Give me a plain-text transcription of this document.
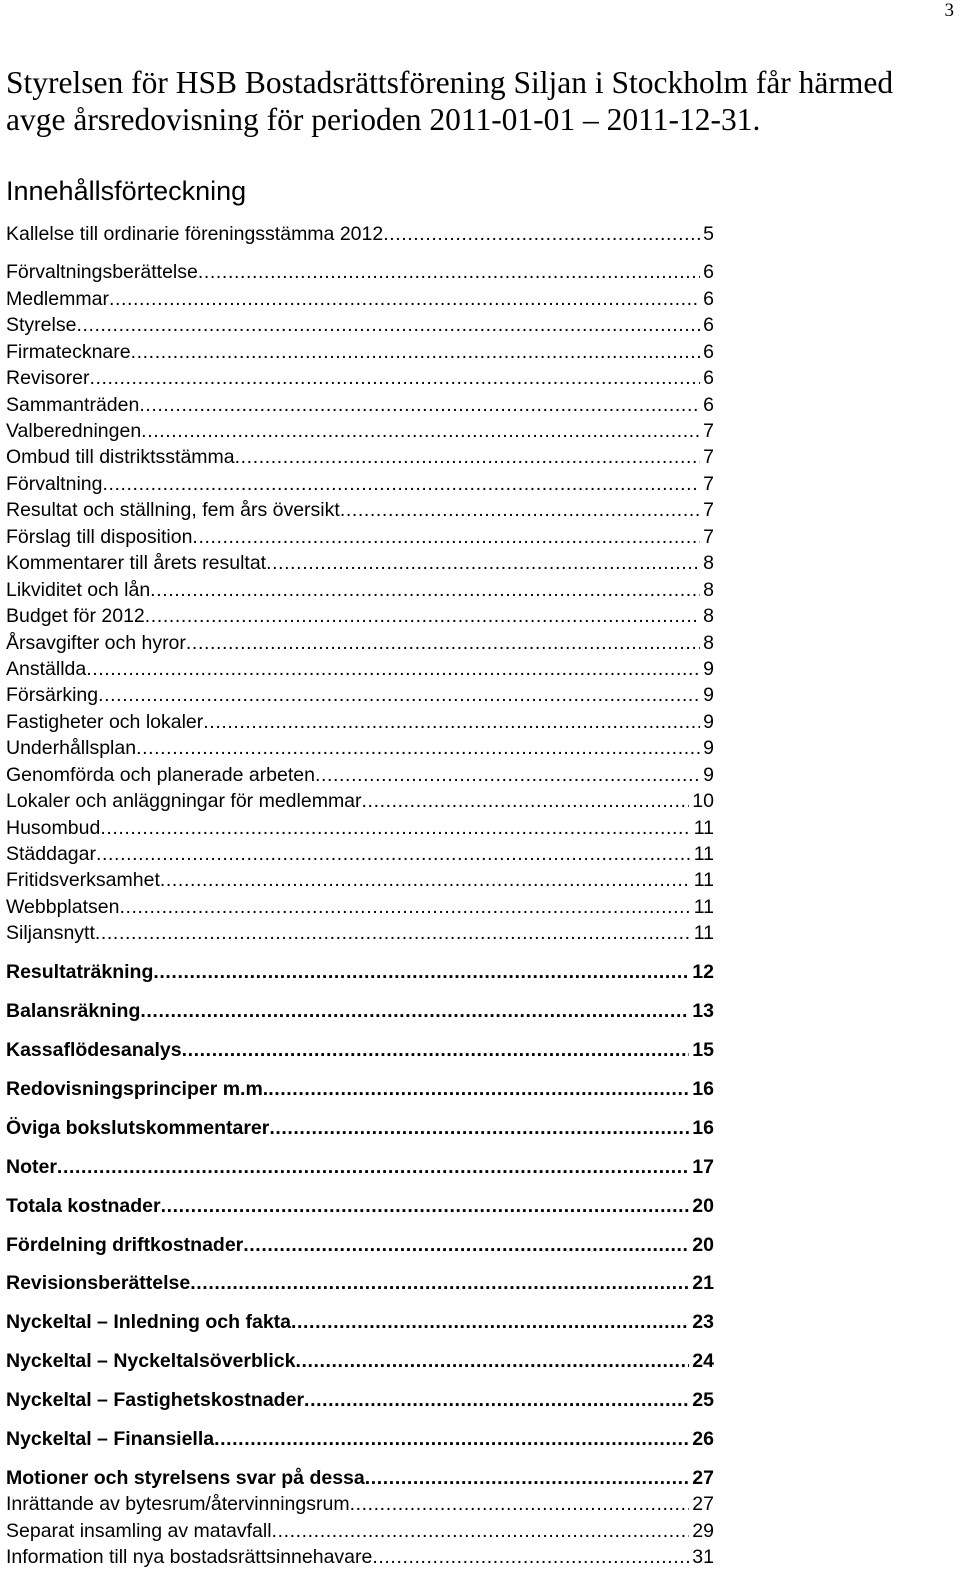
3

Styrelsen för HSB Bostadsrättsförening Siljan i Stockholm får härmed avge årsredovisning för perioden 2011-01-01 – 2011-12-31.

Innehållsförteckning
Kallelse till ordinarie föreningsstämma 2012 .....	5
Förvaltningsberättelse .....	6
Medlemmar .....	6
Styrelse .....	6
Firmatecknare .....	6
Revisorer .....	6
Sammanträden .....	6
Valberedningen .....	7
Ombud till distriktsstämma .....	7
Förvaltning .....	7
Resultat och ställning, fem års översikt .....	7
Förslag till disposition .....	7
Kommentarer till årets resultat .....	8
Likviditet och lån .....	8
Budget för 2012 .....	8
Årsavgifter och hyror .....	8
Anställda .....	9
Försärking .....	9
Fastigheter och lokaler .....	9
Underhållsplan .....	9
Genomförda och planerade arbeten .....	9
Lokaler och anläggningar för medlemmar .....	10
Husombud .....	11
Städdagar .....	11
Fritidsverksamhet .....	11
Webbplatsen .....	11
Siljansnytt .....	11
Resultaträkning .....	12
Balansräkning .....	13
Kassaflödesanalys .....	15
Redovisningsprinciper m.m. .....	16
Öviga bokslutskommentarer .....	16
Noter .....	17
Totala kostnader .....	20
Fördelning driftkostnader .....	20
Revisionsberättelse .....	21
Nyckeltal – Inledning och fakta .....	23
Nyckeltal – Nyckeltalsöverblick .....	24
Nyckeltal – Fastighetskostnader .....	25
Nyckeltal – Finansiella .....	26
Motioner och styrelsens svar på dessa .....	27
Inrättande av bytesrum/återvinningsrum .....	27
Separat insamling av matavfall .....	29
Information till nya bostadsrättsinnehavare .....	31
